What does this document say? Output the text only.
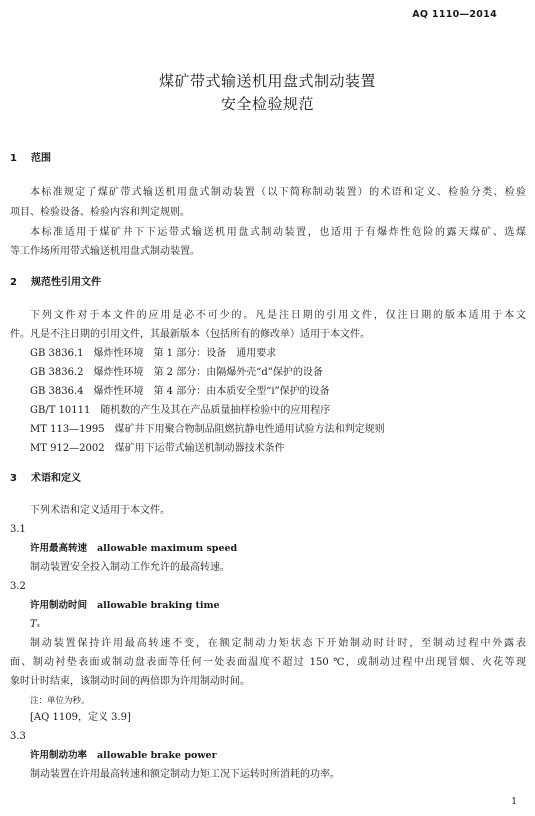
AQ 1110—2014
煤矿带式输送机用盘式制动装置
安全检验规范
1 范围
本标准规定了煤矿带式输送机用盘式制动装置（以下简称制动装置）的术语和定义、检验分类、检验
项目、检验设备、检验内容和判定规则。
本标准适用于煤矿井下下运带式输送机用盘式制动装置，也适用于有爆炸性危险的露天煤矿、选煤
等工作场所用带式输送机用盘式制动装置。
2 规范性引用文件
下列文件对于本文件的应用是必不可少的。凡是注日期的引用文件，仅注日期的版本适用于本文
件。凡是不注日期的引用文件，其最新版本（包括所有的修改单）适用于本文件。
GB 3836.1　爆炸性环境　第 1 部分：设备　通用要求
GB 3836.2　爆炸性环境　第 2 部分：由隔爆外壳“d”保护的设备
GB 3836.4　爆炸性环境　第 4 部分：由本质安全型“i”保护的设备
GB/T 10111　随机数的产生及其在产品质量抽样检验中的应用程序
MT 113—1995　煤矿井下用聚合物制品阻燃抗静电性通用试验方法和判定规则
MT 912—2002　煤矿用下运带式输送机制动器技术条件
3 术语和定义
下列术语和定义适用于本文件。
3.1
许用最高转速 allowable maximum speed
制动装置安全投入制动工作允许的最高转速。
3.2
许用制动时间 allowable braking time
Tₓ
制动装置保持许用最高转速不变，在额定制动力矩状态下开始制动时计时，至制动过程中外露表
面、制动衬垫表面或制动盘表面等任何一处表面温度不超过 150 ℃，或制动过程中出现冒烟、火花等现
象时计时结束，该制动时间的两倍即为许用制动时间。
注：单位为秒。
[AQ 1109，定义 3.9]
3.3
许用制动功率 allowable brake power
制动装置在许用最高转速和额定制动力矩工况下运转时所消耗的功率。
1
